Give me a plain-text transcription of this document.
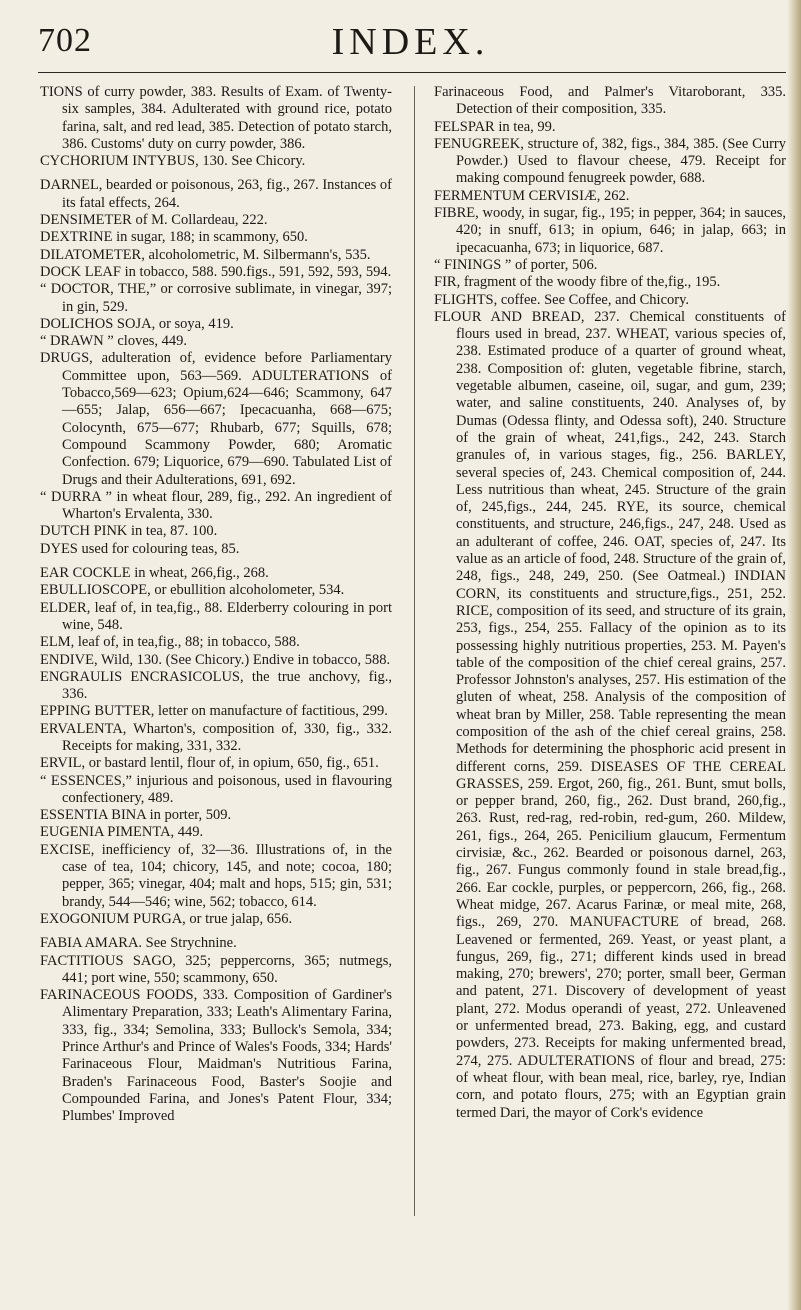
702	INDEX.

TIONS of curry powder, 383. Results of Exam. of Twenty-six samples, 384. Adulterated with ground rice, potato farina, salt, and red lead, 385. Detection of potato starch, 386. Customs' duty on curry powder, 386.

CYCHORIUM INTYBUS, 130. See Chicory.

DARNEL, bearded or poisonous, 263, fig., 267. Instances of its fatal effects, 264.

DENSIMETER of M. Collardeau, 222.

DEXTRINE in sugar, 188; in scammony, 650.

DILATOMETER, alcoholometric, M. Silbermann's, 535.

DOCK LEAF in tobacco, 588. 590.figs., 591, 592, 593, 594.

“ DOCTOR, THE,” or corrosive sublimate, in vinegar, 397; in gin, 529.

DOLICHOS SOJA, or soya, 419.

“ DRAWN ” cloves, 449.

DRUGS, adulteration of, evidence before Parliamentary Committee upon, 563—569. ADULTERATIONS of Tobacco,569—623; Opium,624—646; Scammony, 647—655; Jalap, 656—667; Ipecacuanha, 668—675; Colocynth, 675—677; Rhubarb, 677; Squills, 678; Compound Scammony Powder, 680; Aromatic Confection. 679; Liquorice, 679—690. Tabulated List of Drugs and their Adulterations, 691, 692.

“ DURRA ” in wheat flour, 289, fig., 292. An ingredient of Wharton's Ervalenta, 330.

DUTCH PINK in tea, 87. 100.

DYES used for colouring teas, 85.

EAR COCKLE in wheat, 266,fig., 268.

EBULLIOSCOPE, or ebullition alcoholometer, 534.

ELDER, leaf of, in tea,fig., 88. Elderberry colouring in port wine, 548.

ELM, leaf of, in tea,fig., 88; in tobacco, 588.

ENDIVE, Wild, 130. (See Chicory.) Endive in tobacco, 588.

ENGRAULIS ENCRASICOLUS, the true anchovy, fig., 336.

EPPING BUTTER, letter on manufacture of factitious, 299.

ERVALENTA, Wharton's, composition of, 330, fig., 332. Receipts for making, 331, 332.

ERVIL, or bastard lentil, flour of, in opium, 650, fig., 651.

“ ESSENCES,” injurious and poisonous, used in flavouring confectionery, 489.

ESSENTIA BINA in porter, 509.

EUGENIA PIMENTA, 449.

EXCISE, inefficiency of, 32—36. Illustrations of, in the case of tea, 104; chicory, 145, and note; cocoa, 180; pepper, 365; vinegar, 404; malt and hops, 515; gin, 531; brandy, 544—546; wine, 562; tobacco, 614.

EXOGONIUM PURGA, or true jalap, 656.

FABIA AMARA. See Strychnine.

FACTITIOUS SAGO, 325; peppercorns, 365; nutmegs, 441; port wine, 550; scammony, 650.

FARINACEOUS FOODS, 333. Composition of Gardiner's Alimentary Preparation, 333; Leath's Alimentary Farina, 333, fig., 334; Semolina, 333; Bullock's Semola, 334; Prince Arthur's and Prince of Wales's Foods, 334; Hards' Farinaceous Flour, Maidman's Nutritious Farina, Braden's Farinaceous Food, Baster's Soojie and Compounded Farina, and Jones's Patent Flour, 334; Plumbes' Improved

Farinaceous Food, and Palmer's Vitaroborant, 335. Detection of their composition, 335.

FELSPAR in tea, 99.

FENUGREEK, structure of, 382, figs., 384, 385. (See Curry Powder.) Used to flavour cheese, 479. Receipt for making compound fenugreek powder, 688.

FERMENTUM CERVISIÆ, 262.

FIBRE, woody, in sugar, fig., 195; in pepper, 364; in sauces, 420; in snuff, 613; in opium, 646; in jalap, 663; in ipecacuanha, 673; in liquorice, 687.

“ FININGS ” of porter, 506.

FIR, fragment of the woody fibre of the,fig., 195.

FLIGHTS, coffee. See Coffee, and Chicory.

FLOUR AND BREAD, 237. Chemical constituents of flours used in bread, 237. WHEAT, various species of, 238. Estimated produce of a quarter of ground wheat, 238. Composition of: gluten, vegetable fibrine, starch, vegetable albumen, caseine, oil, sugar, and gum, 239; water, and saline constituents, 240. Analyses of, by Dumas (Odessa flinty, and Odessa soft), 240. Structure of the grain of wheat, 241,figs., 242, 243. Starch granules of, in various stages, fig., 256. BARLEY, several species of, 243. Chemical composition of, 244. Less nutritious than wheat, 245. Structure of the grain of, 245,figs., 244, 245. RYE, its source, chemical constituents, and structure, 246,figs., 247, 248. Used as an adulterant of coffee, 246. OAT, species of, 247. Its value as an article of food, 248. Structure of the grain of, 248, figs., 248, 249, 250. (See Oatmeal.) INDIAN CORN, its constituents and structure,figs., 251, 252. RICE, composition of its seed, and structure of its grain, 253, figs., 254, 255. Fallacy of the opinion as to its possessing highly nutritious properties, 253. M. Payen's table of the composition of the chief cereal grains, 257. Professor Johnston's analyses, 257. His estimation of the gluten of wheat, 258. Analysis of the composition of wheat bran by Miller, 258. Table representing the mean composition of the ash of the chief cereal grains, 258. Methods for determining the phosphoric acid present in different corns, 259. DISEASES OF THE CEREAL GRASSES, 259. Ergot, 260, fig., 261. Bunt, smut bolls, or pepper brand, 260, fig., 262. Dust brand, 260,fig., 263. Rust, red-rag, red-robin, red-gum, 260. Mildew, 261, figs., 264, 265. Penicilium glaucum, Fermentum cirvisiæ, &c., 262. Bearded or poisonous darnel, 263, fig., 267. Fungus commonly found in stale bread,fig., 266. Ear cockle, purples, or peppercorn, 266, fig., 268. Wheat midge, 267. Acarus Farinæ, or meal mite, 268, figs., 269, 270. MANUFACTURE of bread, 268. Leavened or fermented, 269. Yeast, or yeast plant, a fungus, 269, fig., 271; different kinds used in bread making, 270; brewers', 270; porter, small beer, German and patent, 271. Discovery of development of yeast plant, 272. Modus operandi of yeast, 272. Unleavened or unfermented bread, 273. Baking, egg, and custard powders, 273. Receipts for making unfermented bread, 274, 275. ADULTERATIONS of flour and bread, 275: of wheat flour, with bean meal, rice, barley, rye, Indian corn, and potato flours, 275; with an Egyptian grain termed Dari, the mayor of Cork's evidence
